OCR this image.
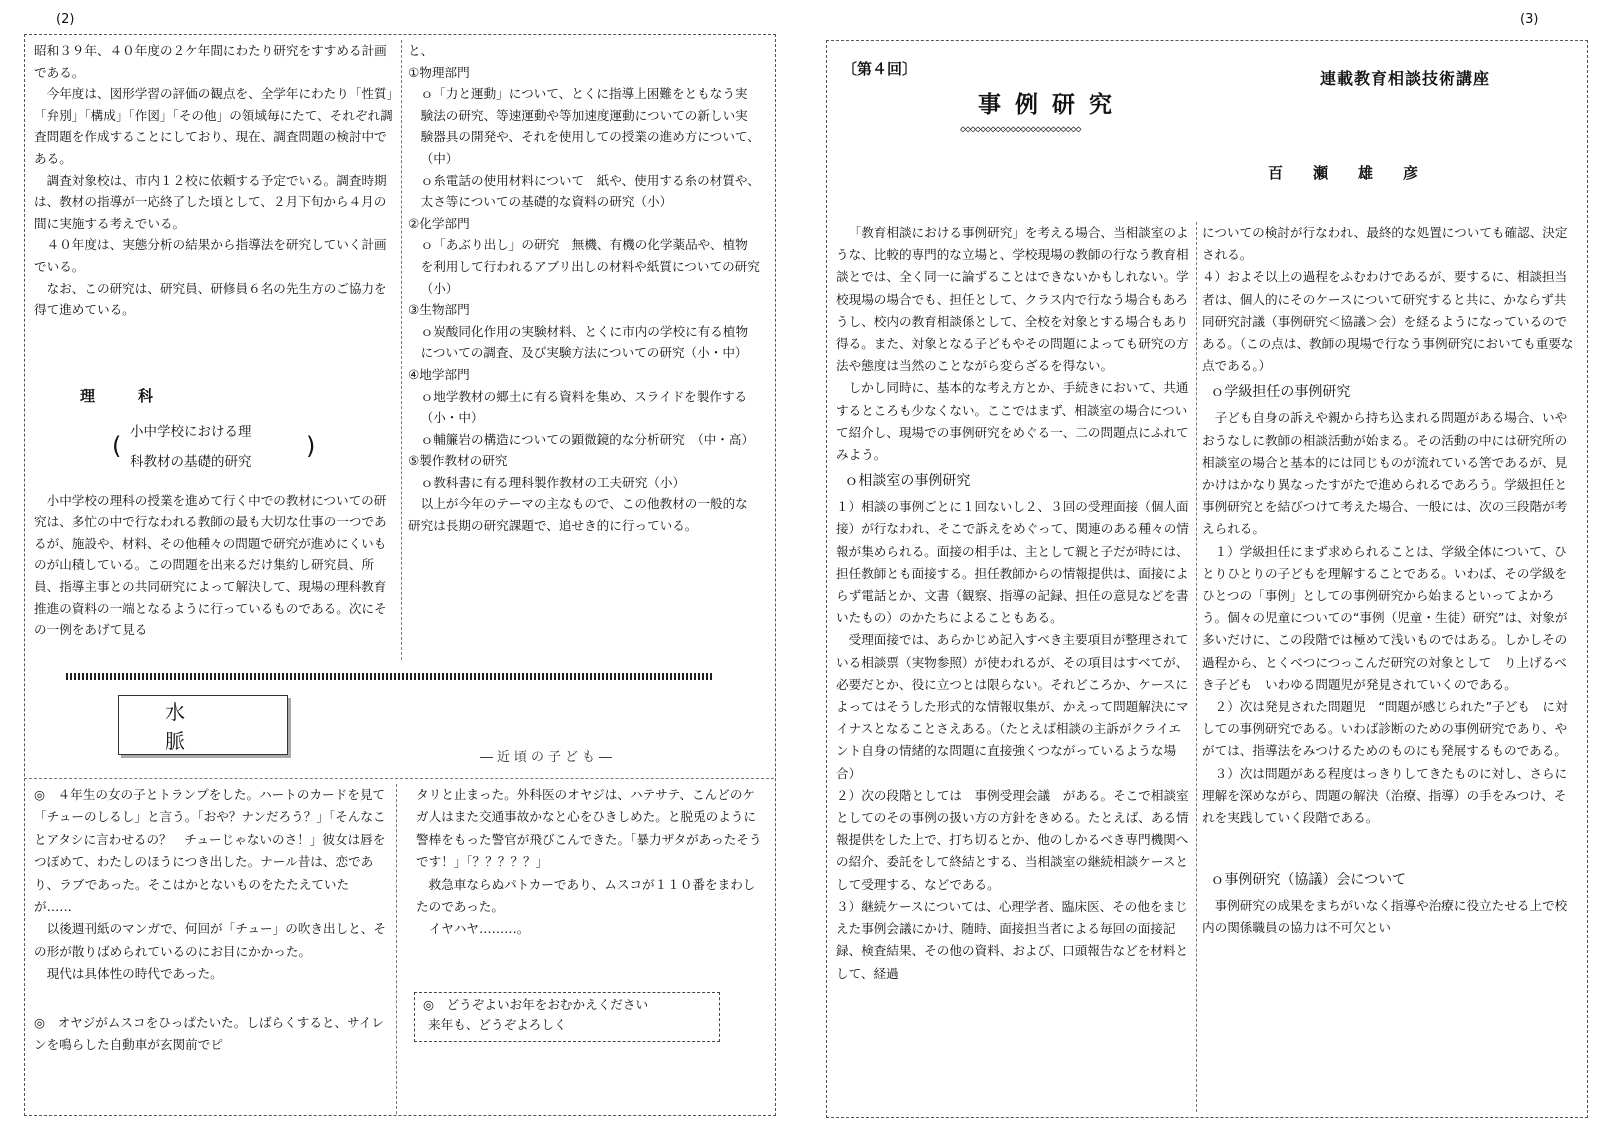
(2)

昭和３９年、４０年度の２ケ年間にわたり研究をすすめる計画である。

今年度は、図形学習の評価の観点を、全学年にわたり「性質」「弁別」「構成」「作図」「その他」の領域毎にたて、それぞれ調査問題を作成することにしており、現在、調査問題の検討中である。

調査対象校は、市内１２校に依頼する予定でいる。調査時期は、教材の指導が一応終了した頃として、２月下旬から４月の間に実施する考えでいる。

４０年度は、実態分析の結果から指導法を研究していく計画でいる。

なお、この研究は、研究員、研修員６名の先生方のご協力を得て進めている。

理　科
( 小中学校における理
科教材の基礎的研究
)

小中学校の理科の授業を進めて行く中での教材についての研究は、多忙の中で行なわれる教師の最も大切な仕事の一つであるが、施設や、材料、その他種々の問題で研究が進めにくいものが山積している。この問題を出来るだけ集約し研究員、所員、指導主事との共同研究によって解決して、現場の理科教育推進の資料の一端となるように行っているものである。次にその一例をあげて見る

と、

①物理部門

ｏ「力と運動」について、とくに指導上困難をともなう実験法の研究、等速運動や等加速度運動についての新しい実験器具の開発や、それを使用しての授業の進め方について、（中）

ｏ糸電話の使用材料について　紙や、使用する糸の材質や、太さ等についての基礎的な資料の研究（小）

②化学部門

ｏ「あぶり出し」の研究　無機、有機の化学薬品や、植物を利用して行われるアブリ出しの材料や紙質についての研究（小）

③生物部門

ｏ炭酸同化作用の実験材料、とくに市内の学校に有る植物についての調査、及び実験方法についての研究（小・中）

④地学部門

ｏ地学教材の郷土に有る資料を集め、スライドを製作する（小・中）

ｏ輔簾岩の構造についての顕微鏡的な分析研究　（中・高）

⑤製作教材の研究

ｏ教科書に有る理科製作教材の工夫研究（小）

以上が今年のテーマの主なもので、この他教材の一般的な研究は長期の研究課題で、追せき的に行っている。

水脈
―近頃の子ども―

◎　４年生の女の子とトランプをした。ハートのカードを見て「チューのしるし」と言う。「おや？ナンだろう？」「そんなことアタシに言わせるの？　チューじゃないのさ！」彼女は唇をつぼめて、わたしのほうにつき出した。ナール昔は、恋であり、ラブであった。そこはかとないものをたたえていたが……

以後週刊紙のマンガで、何回が「チュー」の吹き出しと、その形が散りばめられているのにお目にかかった。

現代は具体性の時代であった。

◎　オヤジがムスコをひっぱたいた。しばらくすると、サイレンを鳴らした自動車が玄関前でピ

タリと止まった。外科医のオヤジは、ハテサテ、こんどのケガ人はまた交通事故かなと心をひきしめた。と脱兎のように警棒をもった警官が飛びこんできた。「暴力ザタがあったそうです！」「？？？？？」

救急車ならぬパトカーであり、ムスコが１１０番をまわしたのであった。

イヤハヤ………。

◎　どうぞよいお年をおむかえください
来年も、どうぞよろしく
(3)
〔第４回〕
事例研究
◇◇◇◇◇◇◇◇◇◇◇◇◇◇◇◇◇◇◇◇◇◇◇◇
連載教育相談技術講座
百瀬雄彦

「教育相談における事例研究」を考える場合、当相談室のような、比較的専門的な立場と、学校現場の教師の行なう教育相談とでは、全く同一に論ずることはできないかもしれない。学校現場の場合でも、担任として、クラス内で行なう場合もあろうし、校内の教育相談係として、全校を対象とする場合もあり得る。また、対象となる子どもやその問題によっても研究の方法や態度は当然のことながら変らざるを得ない。

しかし同時に、基本的な考え方とか、手続きにおいて、共通するところも少なくない。ここではまず、相談室の場合について紹介し、現場での事例研究をめぐる一、二の問題点にふれてみよう。

ｏ相談室の事例研究

１）相談の事例ごとに１回ないし２、３回の受理面接（個人面接）が行なわれ、そこで訴えをめぐって、関連のある種々の情報が集められる。面接の相手は、主として親と子だが時には、担任教師とも面接する。担任教師からの情報提供は、面接によらず電話とか、文書（観察、指導の記録、担任の意見などを書いたもの）のかたちによることもある。

受理面接では、あらかじめ記入すべき主要項目が整理されている相談票（実物参照）が使われるが、その項目はすべてが、必要だとか、役に立つとは限らない。それどころか、ケースによってはそうした形式的な情報収集が、かえって問題解決にマイナスとなることさえある。（たとえば相談の主訴がクライエント自身の情緒的な問題に直接強くつながっているような場合）

２）次の段階としては　事例受理会議　がある。そこで相談室としてのその事例の扱い方の方針をきめる。たとえば、ある情報提供をした上で、打ち切るとか、他のしかるべき専門機関への紹介、委託をして終結とする、当相談室の継続相談ケースとして受理する、などである。

３）継続ケースについては、心理学者、臨床医、その他をまじえた事例会議にかけ、随時、面接担当者による毎回の面接記録、検査結果、その他の資料、および、口頭報告などを材料として、経過

についての検討が行なわれ、最終的な処置についても確認、決定される。

４）およそ以上の過程をふむわけであるが、要するに、相談担当者は、個人的にそのケースについて研究すると共に、かならず共同研究討議（事例研究＜協議＞会）を経るようになっているのである。（この点は、教師の現場で行なう事例研究においても重要な点である。）

ｏ学級担任の事例研究

子ども自身の訴えや親から持ち込まれる問題がある場合、いやおうなしに教師の相談活動が始まる。その活動の中には研究所の相談室の場合と基本的には同じものが流れている筈であるが、見かけはかなり異なったすがたで進められるであろう。学級担任と事例研究とを結びつけて考えた場合、一般には、次の三段階が考えられる。

１）学級担任にまず求められることは、学級全体について、ひとりひとりの子どもを理解することである。いわば、その学級をひとつの「事例」としての事例研究から始まるといってよかろう。個々の児童についての“事例（児童・生徒）研究”は、対象が多いだけに、この段階では極めて浅いものではある。しかしその過程から、とくべつにつっこんだ研究の対象として　り上げるべき子ども　いわゆる問題児が発見されていくのである。

２）次は発見された問題児　“問題が感じられた”子ども　に対しての事例研究である。いわば診断のための事例研究であり、やがては、指導法をみつけるためのものにも発展するものである。

３）次は問題がある程度はっきりしてきたものに対し、さらに理解を深めながら、問題の解決（治療、指導）の手をみつけ、それを実践していく段階である。

ｏ事例研究（協議）会について

事例研究の成果をまちがいなく指導や治療に役立たせる上で校内の関係職員の協力は不可欠とい
